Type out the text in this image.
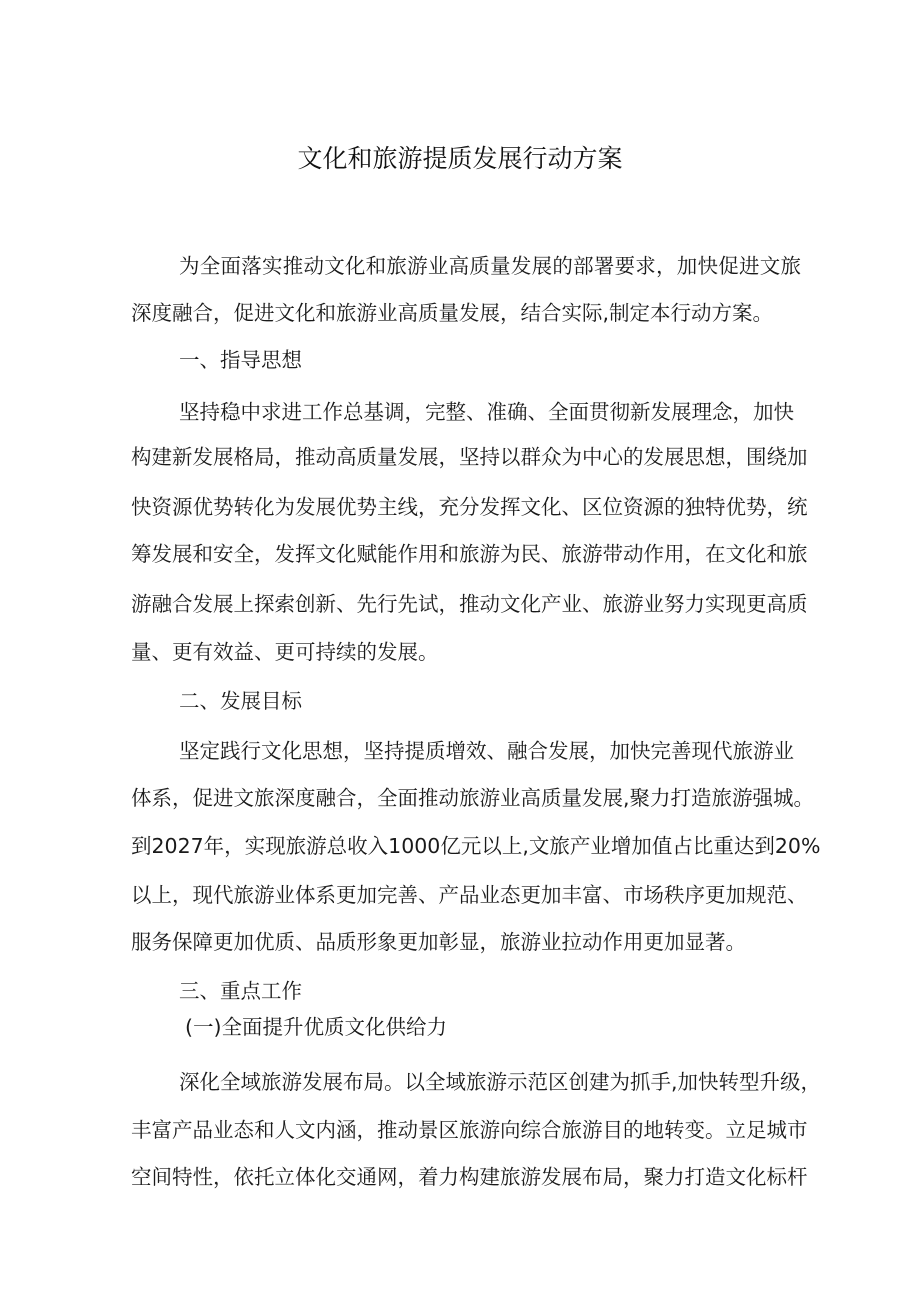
文化和旅游提质发展行动方案
为全面落实推动文化和旅游业高质量发展的部署要求，加快促进文旅
深度融合，促进文化和旅游业高质量发展，结合实际,制定本行动方案。
一、指导思想
坚持稳中求进工作总基调，完整、准确、全面贯彻新发展理念，加快
构建新发展格局，推动高质量发展，坚持以群众为中心的发展思想，围绕加
快资源优势转化为发展优势主线，充分发挥文化、区位资源的独特优势，统
筹发展和安全，发挥文化赋能作用和旅游为民、旅游带动作用，在文化和旅
游融合发展上探索创新、先行先试，推动文化产业、旅游业努力实现更高质
量、更有效益、更可持续的发展。
二、发展目标
坚定践行文化思想，坚持提质增效、融合发展，加快完善现代旅游业
体系，促进文旅深度融合，全面推动旅游业高质量发展,聚力打造旅游强城。
到2027年，实现旅游总收入1000亿元以上,文旅产业增加值占比重达到20%
以上，现代旅游业体系更加完善、产品业态更加丰富、市场秩序更加规范、
服务保障更加优质、品质形象更加彰显，旅游业拉动作用更加显著。
三、重点工作
(一)全面提升优质文化供给力
深化全域旅游发展布局。以全域旅游示范区创建为抓手,加快转型升级，
丰富产品业态和人文内涵，推动景区旅游向综合旅游目的地转变。立足城市
空间特性，依托立体化交通网，着力构建旅游发展布局，聚力打造文化标杆
